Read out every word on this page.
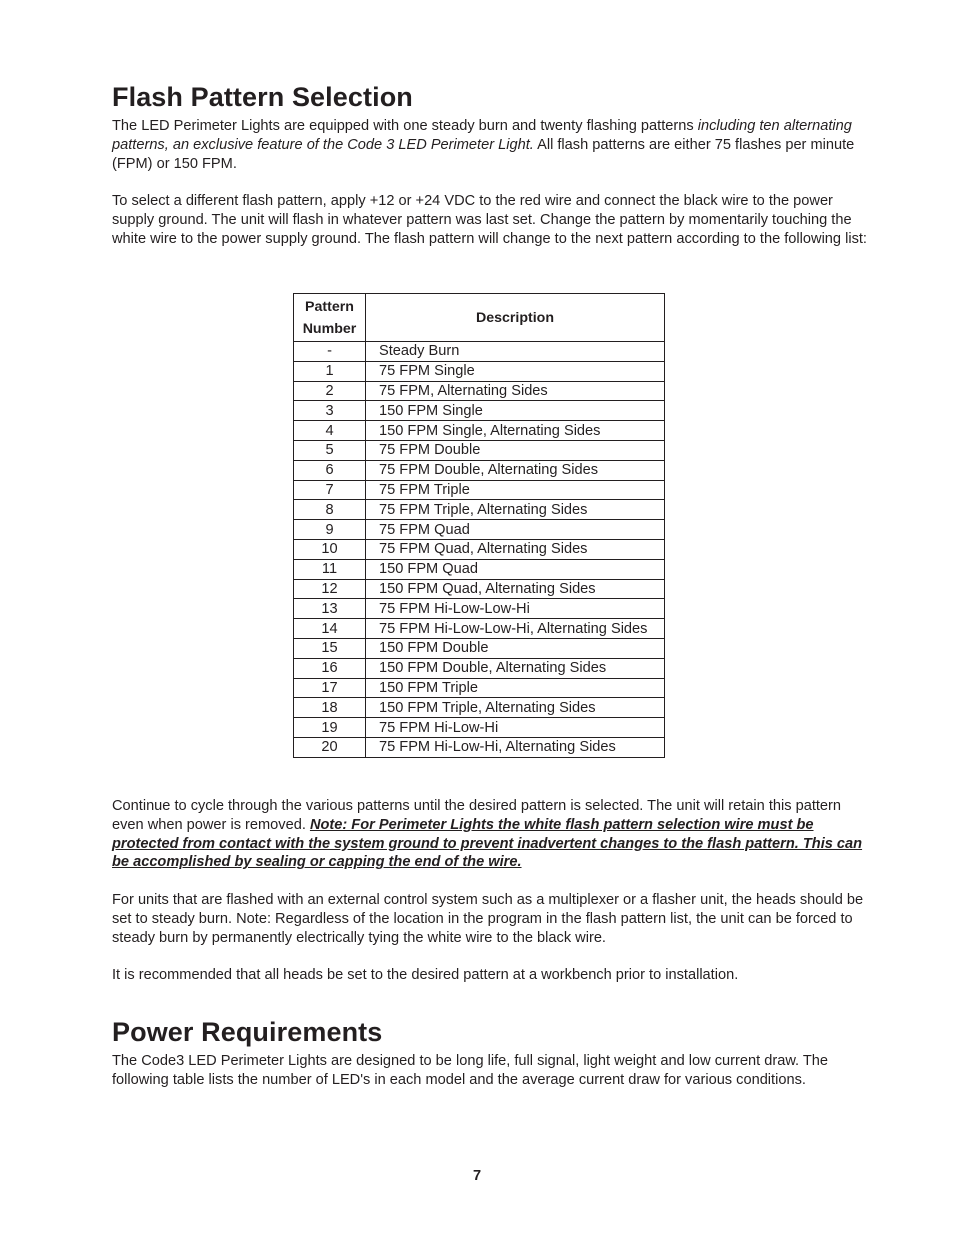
Flash Pattern Selection

The LED Perimeter Lights are equipped with one steady burn and twenty flashing patterns including ten alternating patterns, an exclusive feature of the Code 3 LED Perimeter Light. All flash patterns are either 75 flashes per minute (FPM) or 150 FPM.

To select a different flash pattern, apply +12 or +24 VDC to the red wire and connect the black wire to the power supply ground. The unit will flash in whatever pattern was last set. Change the pattern by momentarily touching the white wire to the power supply ground. The flash pattern will change to the next pattern according to the following list:

Continue to cycle through the various patterns until the desired pattern is selected. The unit will retain this pattern even when power is removed. Note: For Perimeter Lights the white flash pattern selection wire must be protected from contact with the system ground to prevent inadvertent changes to the flash pattern. This can be accomplished by sealing or capping the end of the wire.

For units that are flashed with an external control system such as a multiplexer or a flasher unit, the heads should be set to steady burn. Note: Regardless of the location in the program in the flash pattern list, the unit can be forced to steady burn by permanently electrically tying the white wire to the black wire.

It is recommended that all heads be set to the desired pattern at a workbench prior to installation.

Power Requirements

The Code3 LED Perimeter Lights are designed to be long life, full signal, light weight and low current draw. The following table lists the number of LED's in each model and the average current draw for various conditions.

Pattern
Number	Description
-	Steady Burn
1	75 FPM Single
2	75 FPM, Alternating Sides
3	150 FPM Single
4	150 FPM Single, Alternating Sides
5	75 FPM Double
6	75 FPM Double, Alternating Sides
7	75 FPM Triple
8	75 FPM Triple, Alternating Sides
9	75 FPM Quad
10	75 FPM Quad, Alternating Sides
11	150 FPM Quad
12	150 FPM Quad, Alternating Sides
13	75 FPM Hi-Low-Low-Hi
14	75 FPM Hi-Low-Low-Hi, Alternating Sides
15	150 FPM Double
16	150 FPM Double, Alternating Sides
17	150 FPM Triple
18	150 FPM Triple, Alternating Sides
19	75 FPM Hi-Low-Hi
20	75 FPM Hi-Low-Hi, Alternating Sides
7
